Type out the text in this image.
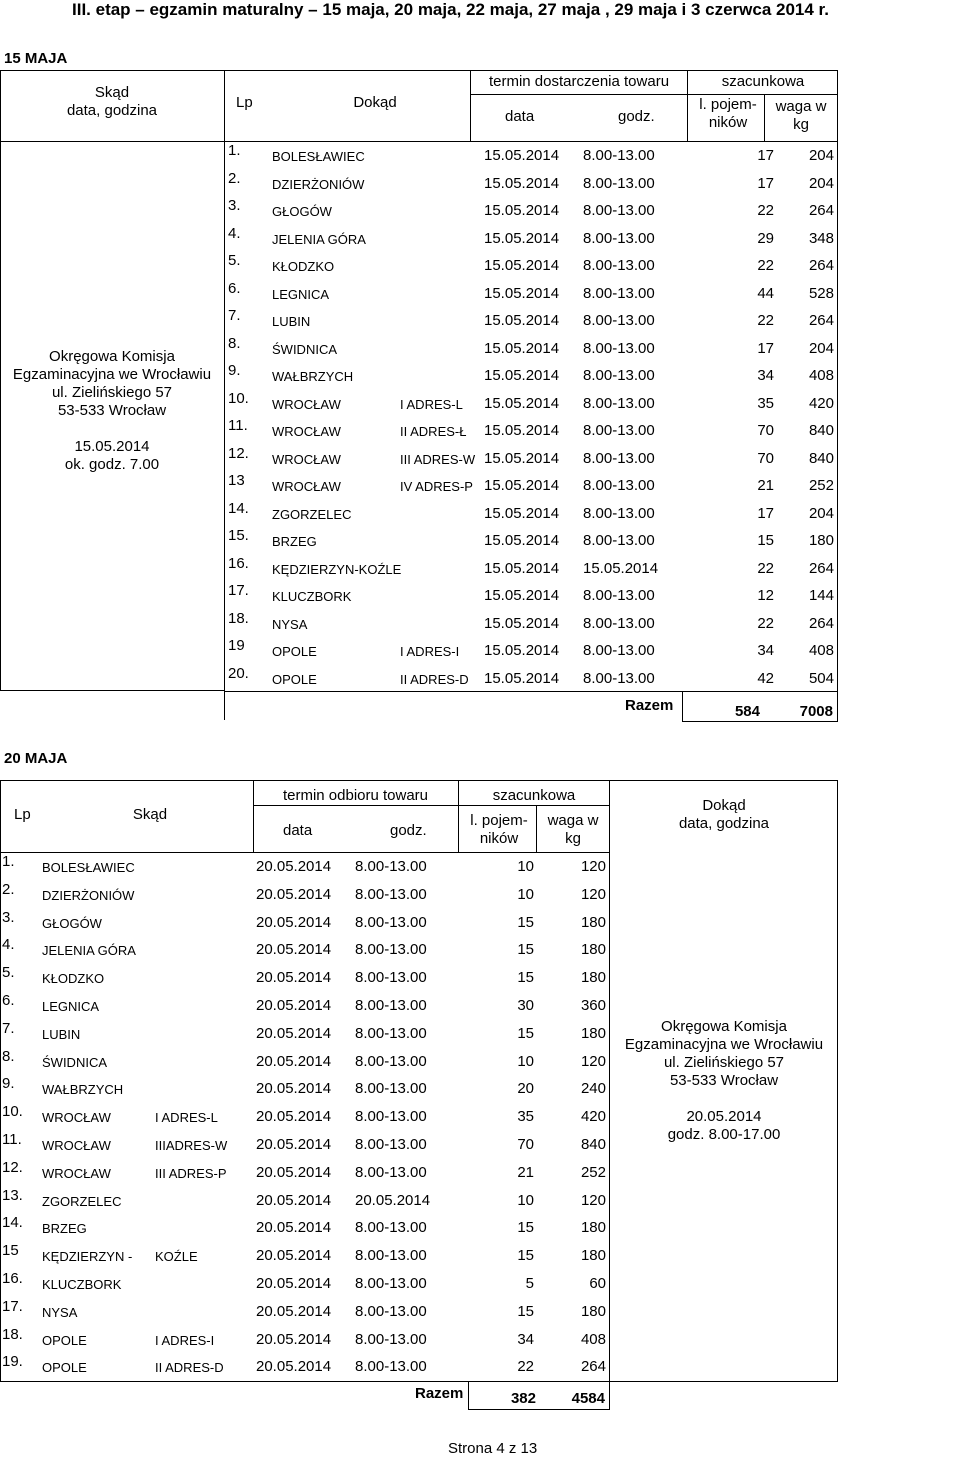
III. etap – egzamin maturalny – 15 maja, 20 maja, 22 maja, 27 maja , 29 maja i 3 czerwca 2014 r.
15 MAJA
Skąd
data, godzina	Lp	Dokąd
termin dostarczenia towaru
data	godz.
szacunkowa
l. pojem-
ników
waga w
kg
Okręgowa Komisja
Egzaminacyjna we Wrocławiu
ul. Zielińskiego 57
53-533 Wrocław
15.05.2014
ok. godz. 7.00
1. BOLESŁAWIEC	15.05.2014 8.00-13.00	17	204
2. DZIERŻONIÓW	15.05.2014 8.00-13.00	17	204
3. GŁOGÓW	15.05.2014 8.00-13.00	22	264
4. JELENIA GÓRA	15.05.2014 8.00-13.00	29	348
5. KŁODZKO	15.05.2014 8.00-13.00	22	264
6. LEGNICA	15.05.2014 8.00-13.00	44	528
7. LUBIN	15.05.2014 8.00-13.00	22	264
8. ŚWIDNICA	15.05.2014 8.00-13.00	17	204
9. WAŁBRZYCH	15.05.2014 8.00-13.00	34	408
10. WROCŁAW	I ADRES-L 15.05.2014 8.00-13.00	35	420
11. WROCŁAW	II ADRES-Ł 15.05.2014 8.00-13.00	70	840
12. WROCŁAW	III ADRES-W 15.05.2014 8.00-13.00	70	840
13 WROCŁAW	IV ADRES-P 15.05.2014 8.00-13.00	21	252
14. ZGORZELEC	15.05.2014 8.00-13.00	17	204
15. BRZEG	15.05.2014 8.00-13.00	15	180
16. KĘDZIERZYN-KOŹLE	15.05.2014 15.05.2014	22	264
17. KLUCZBORK	15.05.2014 8.00-13.00	12	144
18. NYSA	15.05.2014 8.00-13.00	22	264
19 OPOLE	I ADRES-I 15.05.2014 8.00-13.00	34	408
20. OPOLE	II ADRES-D 15.05.2014 8.00-13.00	42	504
Razem	584	7008
20 MAJA
Lp	Skąd
termin odbioru towaru
data	godz.
szacunkowa
l. pojem-
ników
waga w
kg
Dokąd
data, godzina
Okręgowa Komisja
Egzaminacyjna we Wrocławiu
ul. Zielińskiego 57
53-533 Wrocław
20.05.2014
godz. 8.00-17.00
1. BOLESŁAWIEC	20.05.2014 8.00-13.00	10	120
2. DZIERŻONIÓW	20.05.2014 8.00-13.00	10	120
3. GŁOGÓW	20.05.2014 8.00-13.00	15	180
4. JELENIA GÓRA	20.05.2014 8.00-13.00	15	180
5. KŁODZKO	20.05.2014 8.00-13.00	15	180
6. LEGNICA	20.05.2014 8.00-13.00	30	360
7. LUBIN	20.05.2014 8.00-13.00	15	180
8. ŚWIDNICA	20.05.2014 8.00-13.00	10	120
9. WAŁBRZYCH	20.05.2014 8.00-13.00	20	240
10. WROCŁAW	I ADRES-L	20.05.2014 8.00-13.00	35	420
11. WROCŁAW	IIIADRES-W 20.05.2014 8.00-13.00	70	840
12. WROCŁAW	III ADRES-P 20.05.2014 8.00-13.00	21	252
13. ZGORZELEC	20.05.2014 20.05.2014	10	120
14. BRZEG	20.05.2014 8.00-13.00	15	180
15 KĘDZIERZYN - KOŹLE	20.05.2014 8.00-13.00	15	180
16. KLUCZBORK	20.05.2014 8.00-13.00	5	60
17. NYSA	20.05.2014 8.00-13.00	15	180
18. OPOLE	I ADRES-I	20.05.2014 8.00-13.00	34	408
19. OPOLE	II ADRES-D 20.05.2014 8.00-13.00	22	264
Razem	382	4584
Strona 4 z 13
